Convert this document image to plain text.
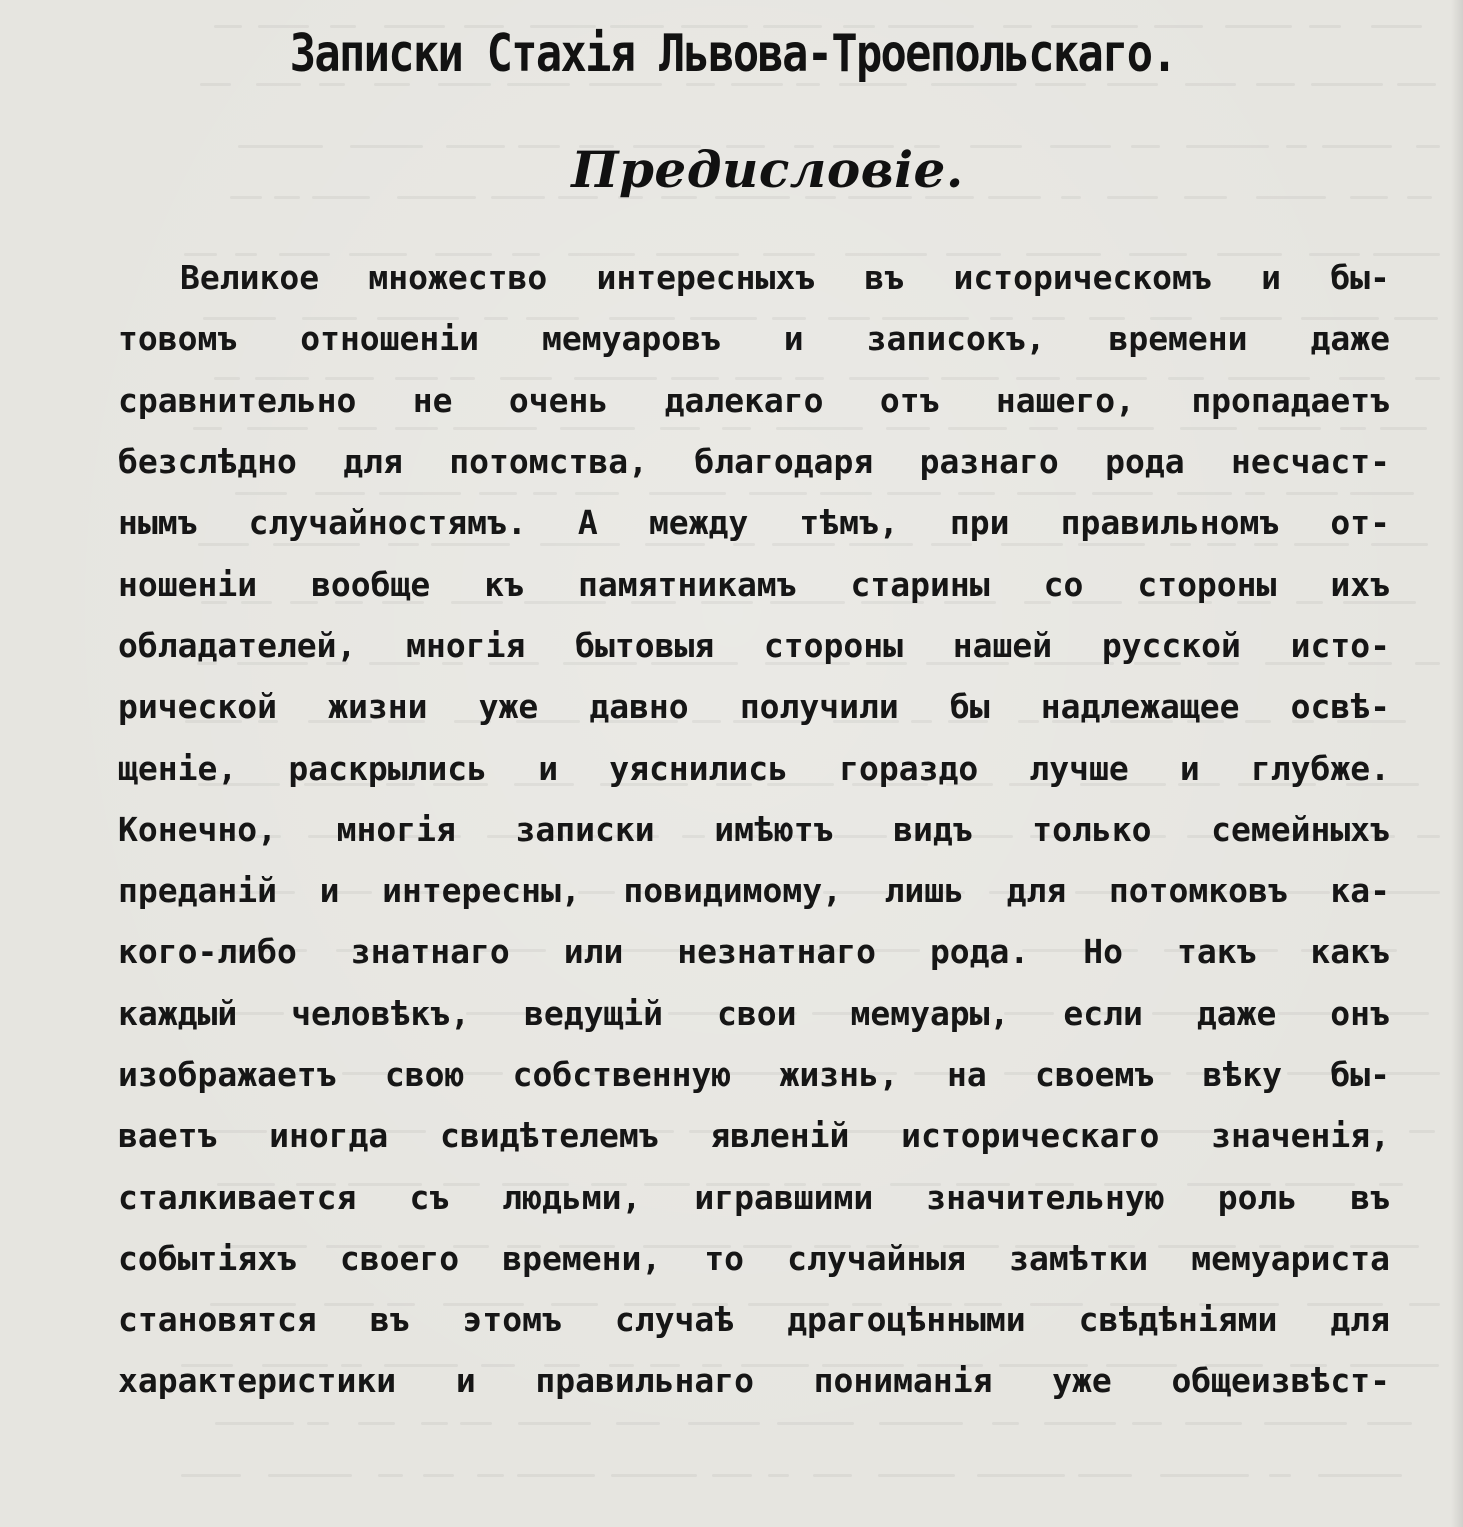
Записки Стахія Львова-Троепольскаго.
Предисловіе.
Великое множество интересныхъ въ историческомъ и бы-
товомъ отношеніи мемуаровъ и записокъ, времени даже
сравнительно не очень далекаго отъ нашего, пропадаетъ
безслѣдно для потомства, благодаря разнаго рода несчаст-
нымъ случайностямъ. А между тѣмъ, при правильномъ от-
ношеніи вообще къ памятникамъ старины со стороны ихъ
обладателей, многія бытовыя стороны нашей русской исто-
рической жизни уже давно получили бы надлежащее освѣ-
щеніе, раскрылись и уяснились гораздо лучше и глубже.
Конечно, многія записки имѣютъ видъ только семейныхъ
преданій и интересны, повидимому, лишь для потомковъ ка-
кого-либо знатнаго или незнатнаго рода. Но такъ какъ
каждый человѣкъ, ведущій свои мемуары, если даже онъ
изображаетъ свою собственную жизнь, на своемъ вѣку бы-
ваетъ иногда свидѣтелемъ явленій историческаго значенія,
сталкивается съ людьми, игравшими значительную роль въ
событіяхъ своего времени, то случайныя замѣтки мемуариста
становятся въ этомъ случаѣ драгоцѣнными свѣдѣніями для
характеристики и правильнаго пониманія уже общеизвѣст-
